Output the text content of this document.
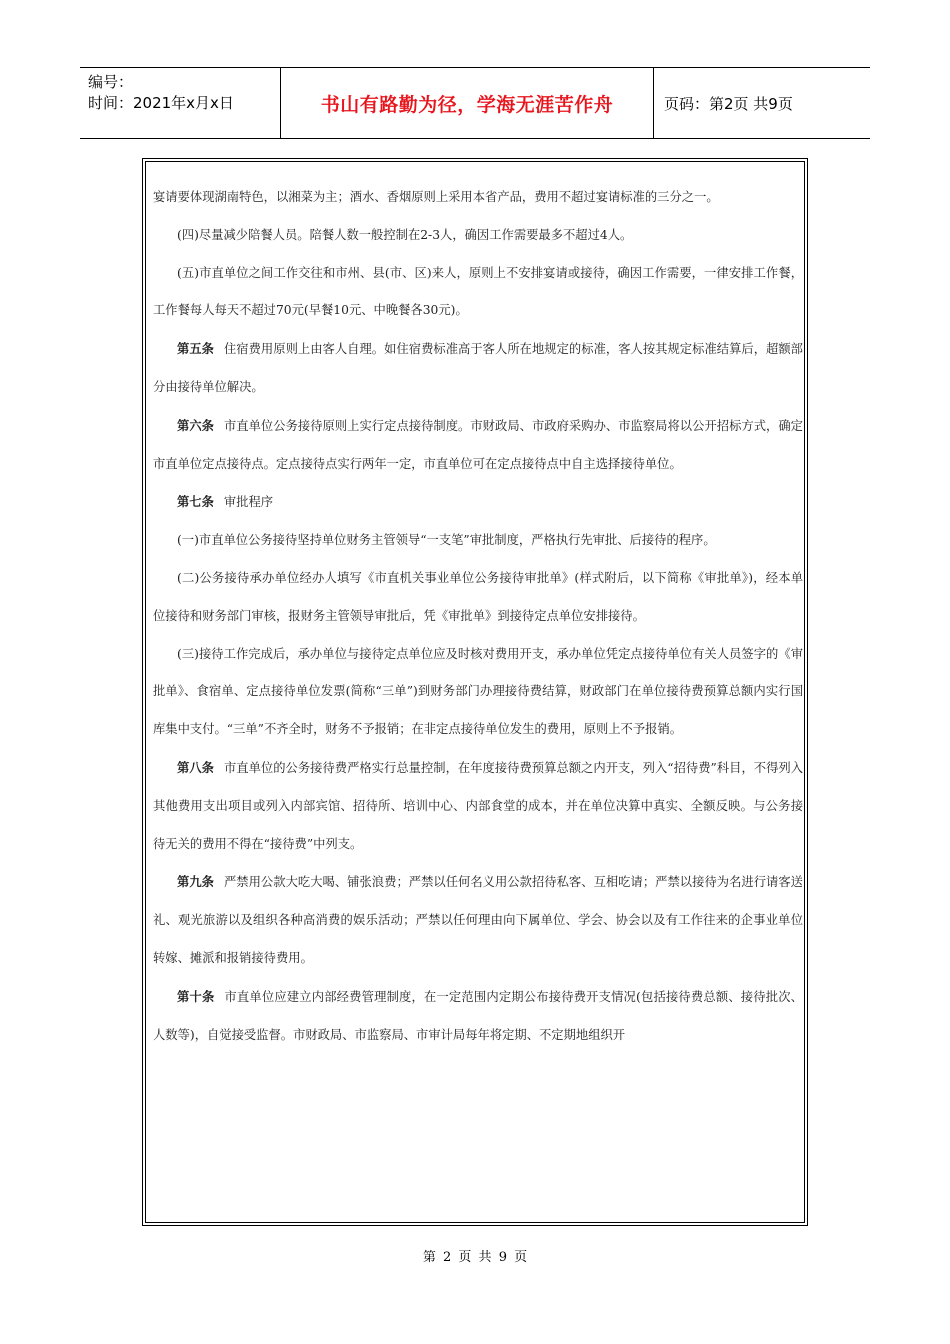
编号：
时间：2021年x月x日	书山有路勤为径，学海无涯苦作舟	页码：第2页 共9页

宴请要体现湖南特色，以湘菜为主；酒水、香烟原则上采用本省产品，费用不超过宴请标准的三分之一。

(四)尽量减少陪餐人员。陪餐人数一般控制在2-3人，确因工作需要最多不超过4人。

(五)市直单位之间工作交往和市州、县(市、区)来人，原则上不安排宴请或接待，确因工作需要，一律安排工作餐，工作餐每人每天不超过70元(早餐10元、中晚餐各30元)。

第五条 住宿费用原则上由客人自理。如住宿费标准高于客人所在地规定的标准，客人按其规定标准结算后，超额部分由接待单位解决。

第六条 市直单位公务接待原则上实行定点接待制度。市财政局、市政府采购办、市监察局将以公开招标方式，确定市直单位定点接待点。定点接待点实行两年一定，市直单位可在定点接待点中自主选择接待单位。

第七条 审批程序

(一)市直单位公务接待坚持单位财务主管领导“一支笔”审批制度，严格执行先审批、后接待的程序。

(二)公务接待承办单位经办人填写《市直机关事业单位公务接待审批单》(样式附后，以下简称《审批单》)，经本单位接待和财务部门审核，报财务主管领导审批后，凭《审批单》到接待定点单位安排接待。

(三)接待工作完成后，承办单位与接待定点单位应及时核对费用开支，承办单位凭定点接待单位有关人员签字的《审批单》、食宿单、定点接待单位发票(简称“三单”)到财务部门办理接待费结算，财政部门在单位接待费预算总额内实行国库集中支付。“三单”不齐全时，财务不予报销；在非定点接待单位发生的费用，原则上不予报销。

第八条 市直单位的公务接待费严格实行总量控制，在年度接待费预算总额之内开支，列入“招待费”科目，不得列入其他费用支出项目或列入内部宾馆、招待所、培训中心、内部食堂的成本，并在单位决算中真实、全额反映。与公务接待无关的费用不得在“接待费”中列支。

第九条 严禁用公款大吃大喝、铺张浪费；严禁以任何名义用公款招待私客、互相吃请；严禁以接待为名进行请客送礼、观光旅游以及组织各种高消费的娱乐活动；严禁以任何理由向下属单位、学会、协会以及有工作往来的企事业单位转嫁、摊派和报销接待费用。

第十条 市直单位应建立内部经费管理制度，在一定范围内定期公布接待费开支情况(包括接待费总额、接待批次、人数等)，自觉接受监督。市财政局、市监察局、市审计局每年将定期、不定期地组织开

第 2 页 共 9 页
